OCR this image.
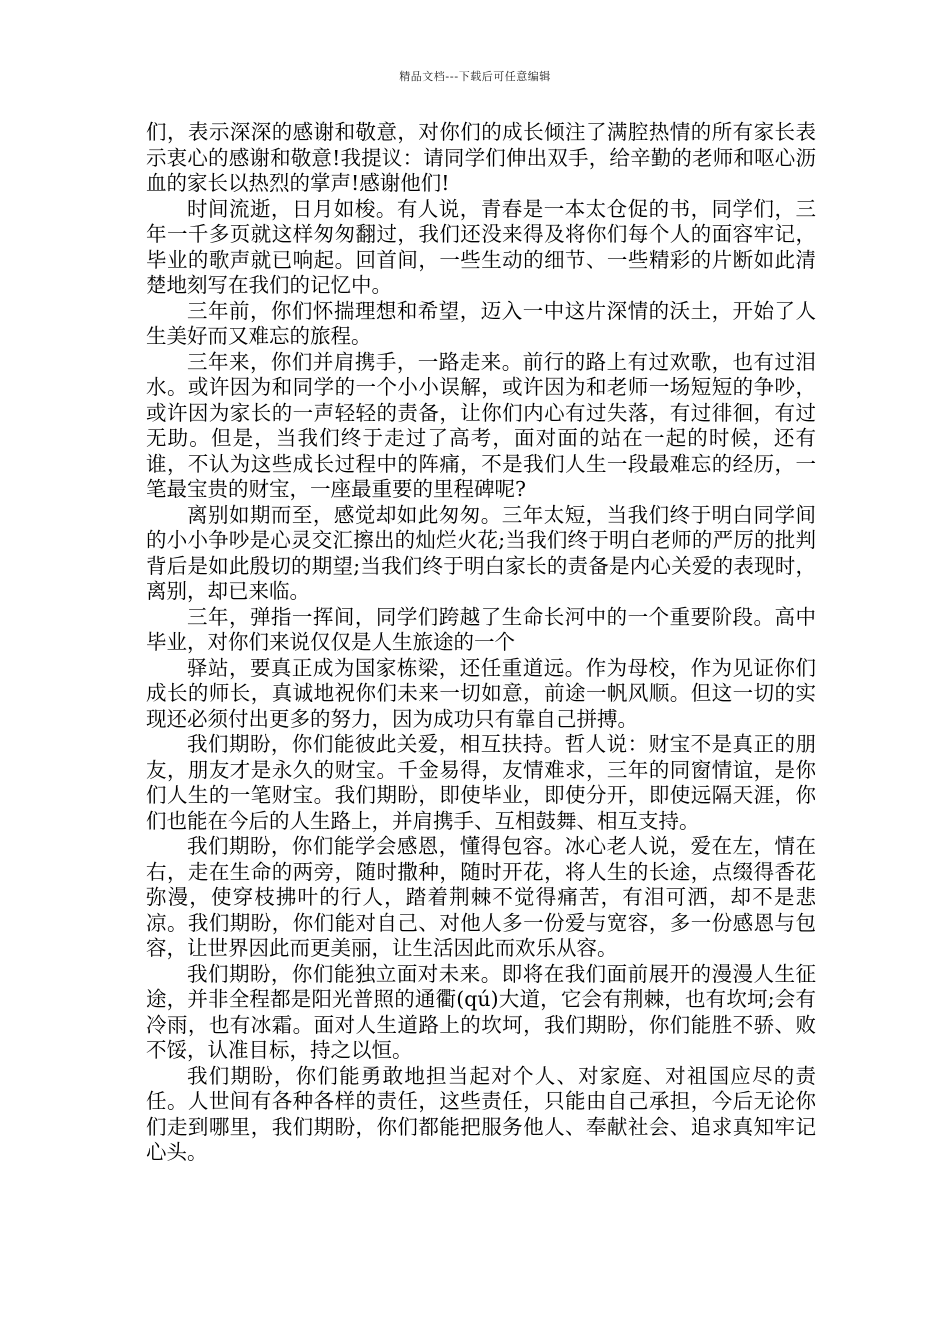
精品文档---下载后可任意编辑

们，表示深深的感谢和敬意，对你们的成长倾注了满腔热情的所有家长表示衷心的感谢和敬意!我提议：请同学们伸出双手，给辛勤的老师和呕心沥血的家长以热烈的掌声!感谢他们!

时间流逝，日月如梭。有人说，青春是一本太仓促的书，同学们，三年一千多页就这样匆匆翻过，我们还没来得及将你们每个人的面容牢记，毕业的歌声就已响起。回首间，一些生动的细节、一些精彩的片断如此清楚地刻写在我们的记忆中。

三年前，你们怀揣理想和希望，迈入一中这片深情的沃土，开始了人生美好而又难忘的旅程。

三年来，你们并肩携手，一路走来。前行的路上有过欢歌，也有过泪水。或许因为和同学的一个小小误解，或许因为和老师一场短短的争吵，或许因为家长的一声轻轻的责备，让你们内心有过失落，有过徘徊，有过无助。但是，当我们终于走过了高考，面对面的站在一起的时候，还有谁，不认为这些成长过程中的阵痛，不是我们人生一段最难忘的经历，一笔最宝贵的财宝，一座最重要的里程碑呢?

离别如期而至，感觉却如此匆匆。三年太短，当我们终于明白同学间的小小争吵是心灵交汇擦出的灿烂火花;当我们终于明白老师的严厉的批判背后是如此殷切的期望;当我们终于明白家长的责备是内心关爱的表现时，离别，却已来临。

三年，弹指一挥间，同学们跨越了生命长河中的一个重要阶段。高中毕业，对你们来说仅仅是人生旅途的一个

驿站，要真正成为国家栋梁，还任重道远。作为母校，作为见证你们成长的师长，真诚地祝你们未来一切如意，前途一帆风顺。但这一切的实现还必须付出更多的努力，因为成功只有靠自己拼搏。

我们期盼，你们能彼此关爱，相互扶持。哲人说：财宝不是真正的朋友，朋友才是永久的财宝。千金易得，友情难求，三年的同窗情谊，是你们人生的一笔财宝。我们期盼，即使毕业，即使分开，即使远隔天涯，你们也能在今后的人生路上，并肩携手、互相鼓舞、相互支持。

我们期盼，你们能学会感恩，懂得包容。冰心老人说，爱在左，情在右，走在生命的两旁，随时撒种，随时开花，将人生的长途，点缀得香花弥漫，使穿枝拂叶的行人，踏着荆棘不觉得痛苦，有泪可洒，却不是悲凉。我们期盼，你们能对自己、对他人多一份爱与宽容，多一份感恩与包容，让世界因此而更美丽，让生活因此而欢乐从容。

我们期盼，你们能独立面对未来。即将在我们面前展开的漫漫人生征途，并非全程都是阳光普照的通衢(qú)大道，它会有荆棘，也有坎坷;会有冷雨，也有冰霜。面对人生道路上的坎坷，我们期盼，你们能胜不骄、败不馁，认准目标，持之以恒。

我们期盼，你们能勇敢地担当起对个人、对家庭、对祖国应尽的责任。人世间有各种各样的责任，这些责任，只能由自己承担，今后无论你们走到哪里，我们期盼，你们都能把服务他人、奉献社会、追求真知牢记心头。
